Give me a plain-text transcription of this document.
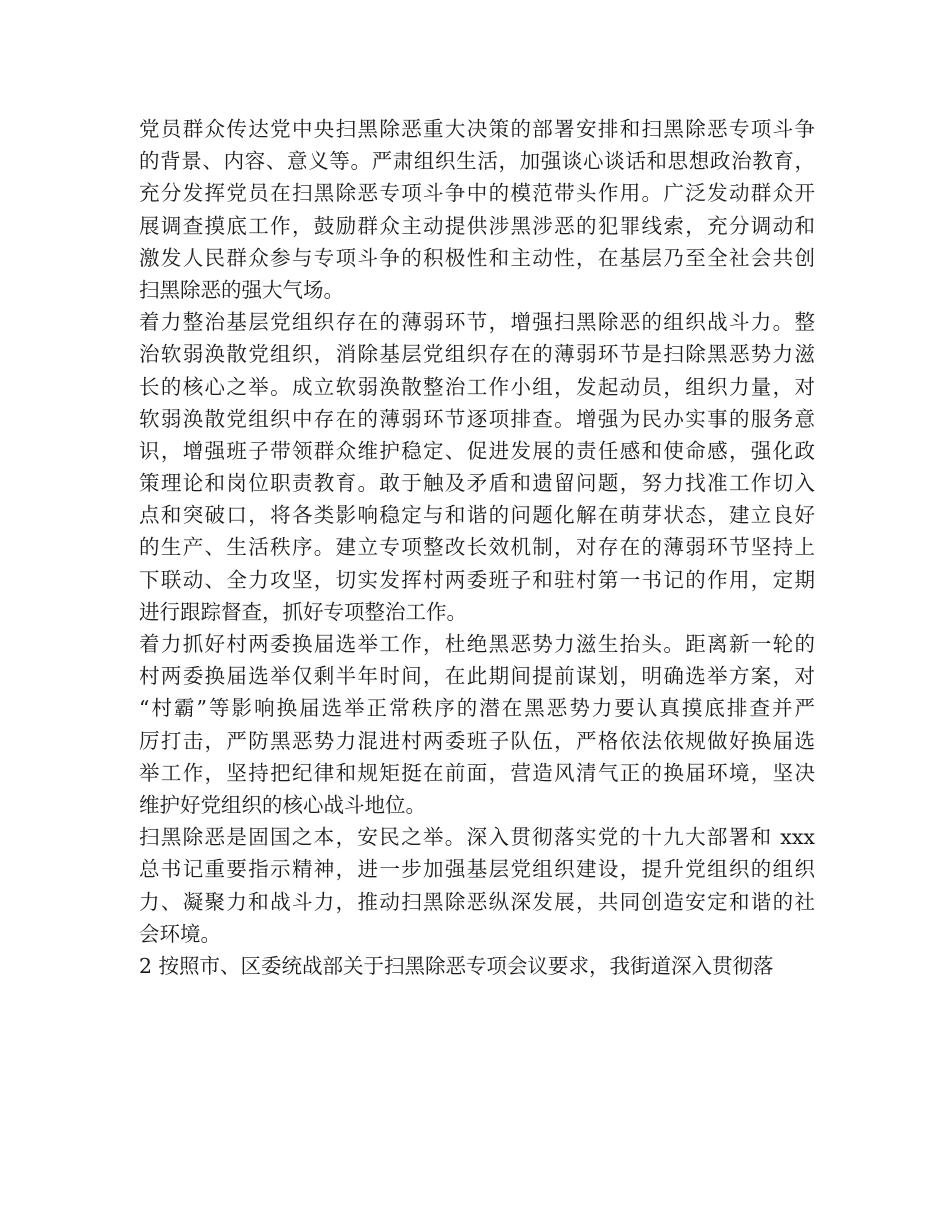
党员群众传达党中央扫黑除恶重大决策的部署安排和扫黑除恶专项斗争
的背景、内容、意义等。严肃组织生活，加强谈心谈话和思想政治教育，
充分发挥党员在扫黑除恶专项斗争中的模范带头作用。广泛发动群众开
展调查摸底工作，鼓励群众主动提供涉黑涉恶的犯罪线索，充分调动和
激发人民群众参与专项斗争的积极性和主动性，在基层乃至全社会共创
扫黑除恶的强大气场。
着力整治基层党组织存在的薄弱环节，增强扫黑除恶的组织战斗力。整
治软弱涣散党组织，消除基层党组织存在的薄弱环节是扫除黑恶势力滋
长的核心之举。成立软弱涣散整治工作小组，发起动员，组织力量，对
软弱涣散党组织中存在的薄弱环节逐项排查。增强为民办实事的服务意
识，增强班子带领群众维护稳定、促进发展的责任感和使命感，强化政
策理论和岗位职责教育。敢于触及矛盾和遗留问题，努力找准工作切入
点和突破口，将各类影响稳定与和谐的问题化解在萌芽状态，建立良好
的生产、生活秩序。建立专项整改长效机制，对存在的薄弱环节坚持上
下联动、全力攻坚，切实发挥村两委班子和驻村第一书记的作用，定期
进行跟踪督查，抓好专项整治工作。
着力抓好村两委换届选举工作，杜绝黑恶势力滋生抬头。距离新一轮的
村两委换届选举仅剩半年时间，在此期间提前谋划，明确选举方案，对
“村霸”等影响换届选举正常秩序的潜在黑恶势力要认真摸底排查并严
厉打击，严防黑恶势力混进村两委班子队伍，严格依法依规做好换届选
举工作，坚持把纪律和规矩挺在前面，营造风清气正的换届环境，坚决
维护好党组织的核心战斗地位。
扫黑除恶是固国之本，安民之举。深入贯彻落实党的十九大部署和 xxx
总书记重要指示精神，进一步加强基层党组织建设，提升党组织的组织
力、凝聚力和战斗力，推动扫黑除恶纵深发展，共同创造安定和谐的社
会环境。
2 按照市、区委统战部关于扫黑除恶专项会议要求，我街道深入贯彻落
